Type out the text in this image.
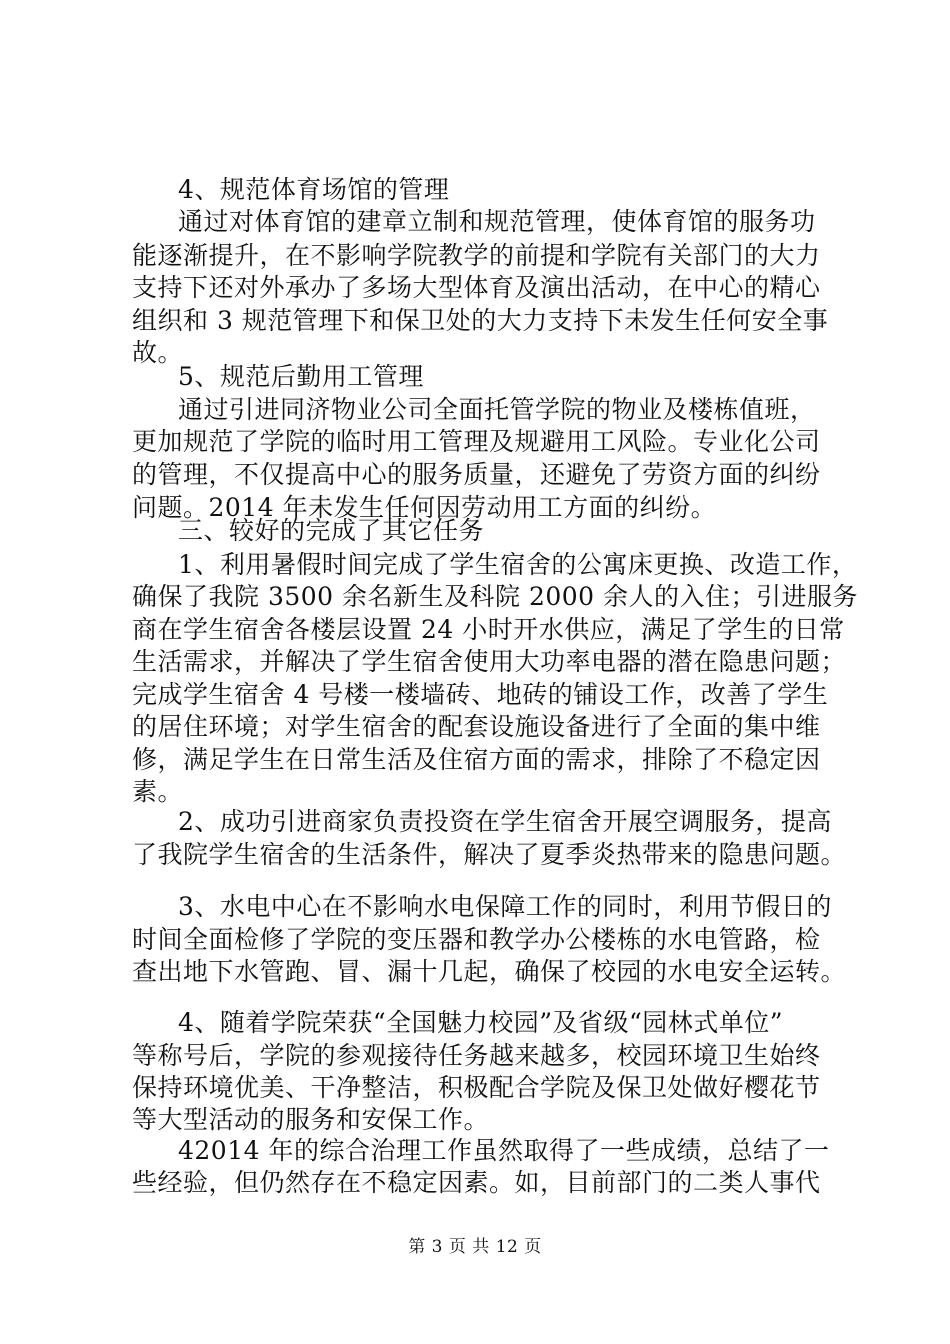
4、规范体育场馆的管理
通过对体育馆的建章立制和规范管理，使体育馆的服务功
能逐渐提升，在不影响学院教学的前提和学院有关部门的大力
支持下还对外承办了多场大型体育及演出活动，在中心的精心
组织和 3 规范管理下和保卫处的大力支持下未发生任何安全事
故。
5、规范后勤用工管理
通过引进同济物业公司全面托管学院的物业及楼栋值班，
更加规范了学院的临时用工管理及规避用工风险。专业化公司
的管理，不仅提高中心的服务质量，还避免了劳资方面的纠纷
问题。2014 年未发生任何因劳动用工方面的纠纷。
三、较好的完成了其它任务
1、利用暑假时间完成了学生宿舍的公寓床更换、改造工作，
确保了我院 3500 余名新生及科院 2000 余人的入住；引进服务
商在学生宿舍各楼层设置 24 小时开水供应，满足了学生的日常
生活需求，并解决了学生宿舍使用大功率电器的潜在隐患问题；
完成学生宿舍 4 号楼一楼墙砖、地砖的铺设工作，改善了学生
的居住环境；对学生宿舍的配套设施设备进行了全面的集中维
修，满足学生在日常生活及住宿方面的需求，排除了不稳定因
素。
2、成功引进商家负责投资在学生宿舍开展空调服务，提高
了我院学生宿舍的生活条件，解决了夏季炎热带来的隐患问题。
3、水电中心在不影响水电保障工作的同时，利用节假日的
时间全面检修了学院的变压器和教学办公楼栋的水电管路，检
查出地下水管跑、冒、漏十几起，确保了校园的水电安全运转。
4、随着学院荣获“全国魅力校园”及省级“园林式单位”
等称号后，学院的参观接待任务越来越多，校园环境卫生始终
保持环境优美、干净整洁，积极配合学院及保卫处做好樱花节
等大型活动的服务和安保工作。
42014 年的综合治理工作虽然取得了一些成绩，总结了一
些经验，但仍然存在不稳定因素。如，目前部门的二类人事代
第 3 页 共 12 页
